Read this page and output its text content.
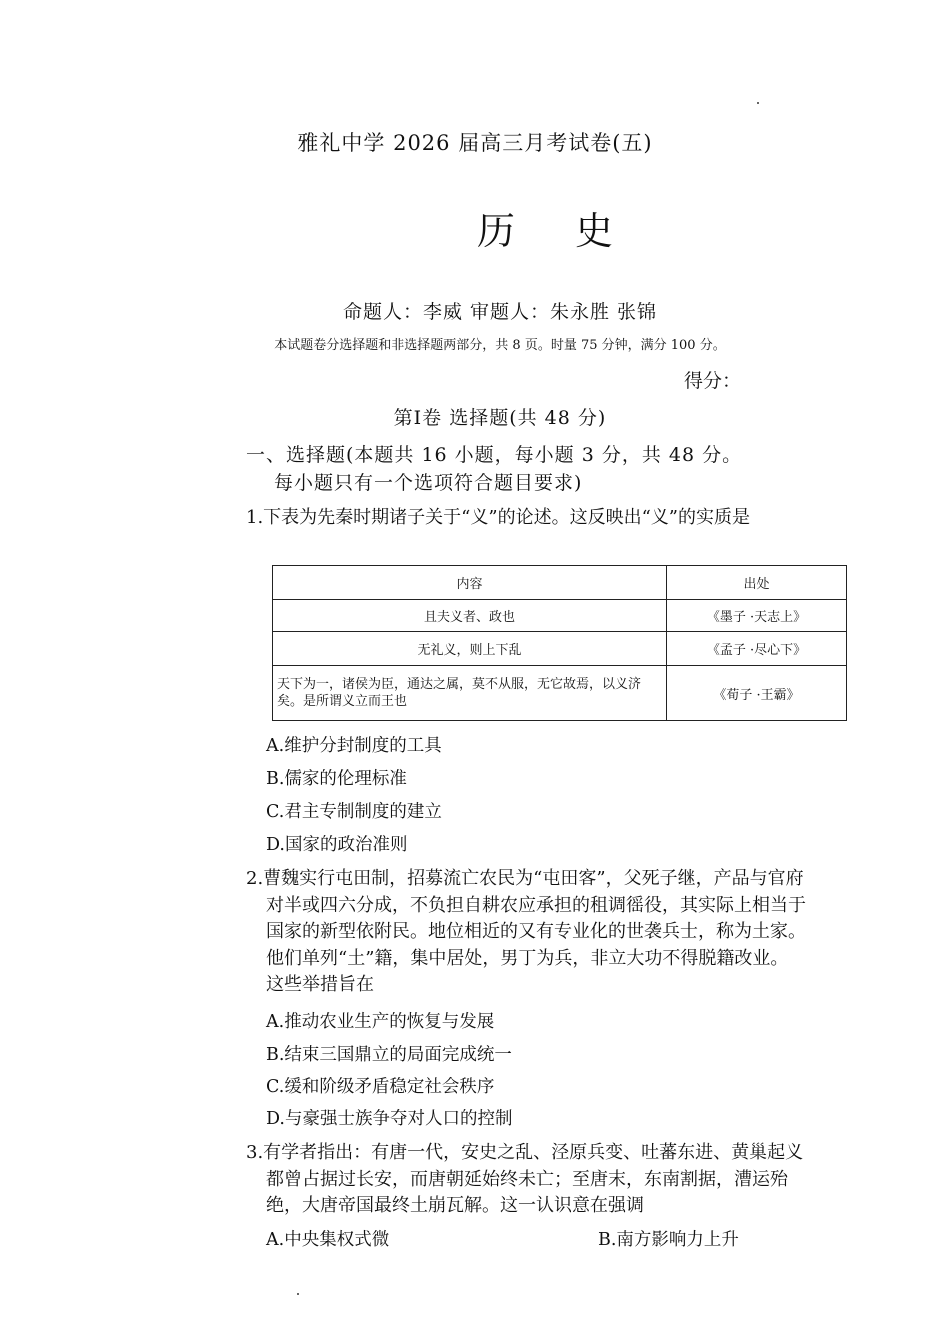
雅礼中学 2026 届高三月考试卷(五)
历 史
命题人：李威 审题人：朱永胜 张锦
本试题卷分选择题和非选择题两部分，共 8 页。时量 75 分钟，满分 100 分。
得分：
第Ⅰ卷 选择题(共 48 分)
一、选择题(本题共 16 小题，每小题 3 分，共 48 分。
每小题只有一个选项符合题目要求)
1.下表为先秦时期诸子关于“义”的论述。这反映出“义”的实质是
内容	出处
且夫义者、政也	《墨子 ·天志上》
无礼义，则上下乱	《孟子 ·尽心下》
天下为一，诸侯为臣，通达之属，莫不从服，无它故焉，以义济矣。是所谓义立而王也	《荀子 ·王霸》
A.维护分封制度的工具
B.儒家的伦理标准
C.君主专制制度的建立
D.国家的政治准则
2.曹魏实行屯田制，招募流亡农民为“屯田客”，父死子继，产品与官府对半或四六分成，不负担自耕农应承担的租调徭役，其实际上相当于国家的新型依附民。地位相近的又有专业化的世袭兵士，称为土家。他们单列“土”籍，集中居处，男丁为兵，非立大功不得脱籍改业。这些举措旨在
A.推动农业生产的恢复与发展
B.结束三国鼎立的局面完成统一
C.缓和阶级矛盾稳定社会秩序
D.与豪强士族争夺对人口的控制
3.有学者指出：有唐一代，安史之乱、泾原兵变、吐蕃东进、黄巢起义都曾占据过长安，而唐朝延始终未亡；至唐末，东南割据，漕运殆绝，大唐帝国最终土崩瓦解。这一认识意在强调
A.中央集权式微	B.南方影响力上升
